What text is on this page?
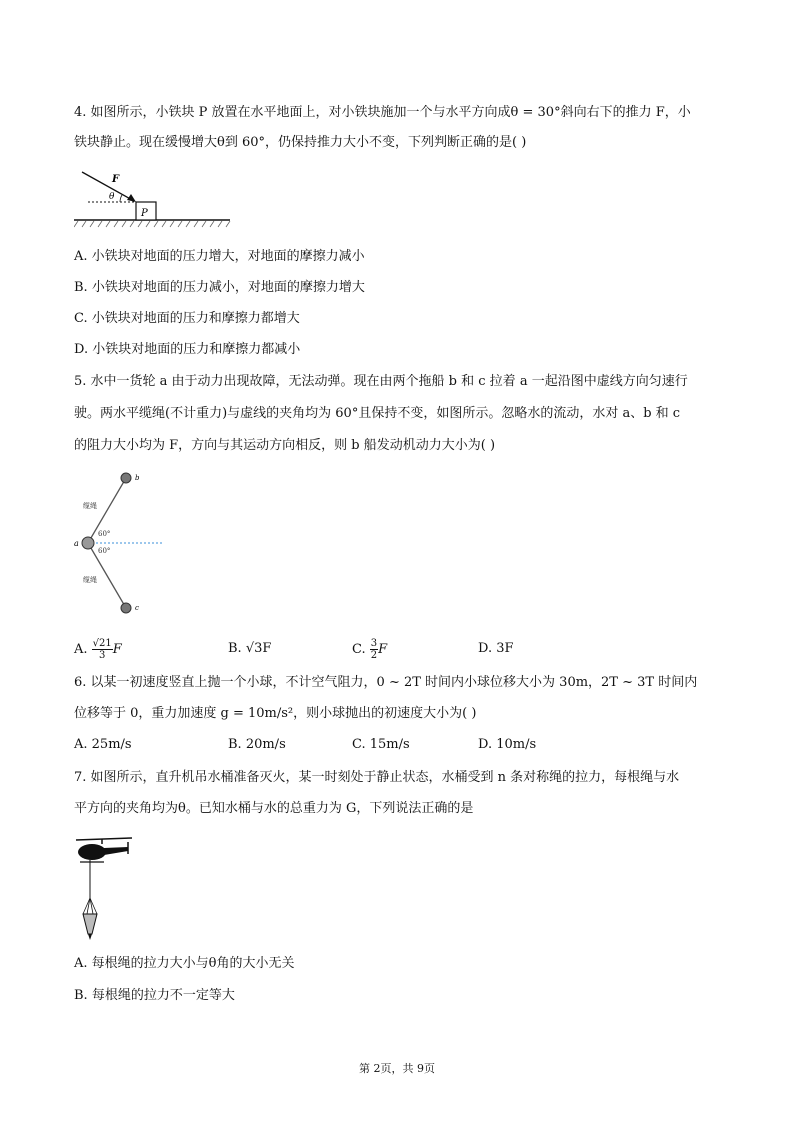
4. 如图所示，小铁块 P 放置在水平地面上，对小铁块施加一个与水平方向成θ = 30°斜向右下的推力 F，小
铁块静止。现在缓慢增大θ到 60°，仍保持推力大小不变，下列判断正确的是( )
P
F
θ
A. 小铁块对地面的压力增大，对地面的摩擦力减小
B. 小铁块对地面的压力减小，对地面的摩擦力增大
C. 小铁块对地面的压力和摩擦力都增大
D. 小铁块对地面的压力和摩擦力都减小
5. 水中一货轮 a 由于动力出现故障，无法动弹。现在由两个拖船 b 和 c 拉着 a 一起沿图中虚线方向匀速行
驶。两水平缆绳(不计重力)与虚线的夹角均为 60°且保持不变，如图所示。忽略水的流动，水对 a、b 和 c
的阻力大小均为 F，方向与其运动方向相反，则 b 船发动机动力大小为( )
b
a
c
缆绳
缆绳
60°
60°
A. $\frac{√21}{3}$ F	B. √3F	C. $\frac{3}{2}$ F	D. 3F
6. 以某一初速度竖直上抛一个小球，不计空气阻力，0 ~ 2T 时间内小球位移大小为 30m，2T ~ 3T 时间内
位移等于 0，重力加速度 g = 10m/s²，则小球抛出的初速度大小为( )
A. 25m/s	B. 20m/s	C. 15m/s	D. 10m/s
7. 如图所示，直升机吊水桶准备灭火，某一时刻处于静止状态，水桶受到 n 条对称绳的拉力，每根绳与水
平方向的夹角均为θ。已知水桶与水的总重力为 G，下列说法正确的是
A. 每根绳的拉力大小与θ角的大小无关
B. 每根绳的拉力不一定等大
第 2页，共 9页
